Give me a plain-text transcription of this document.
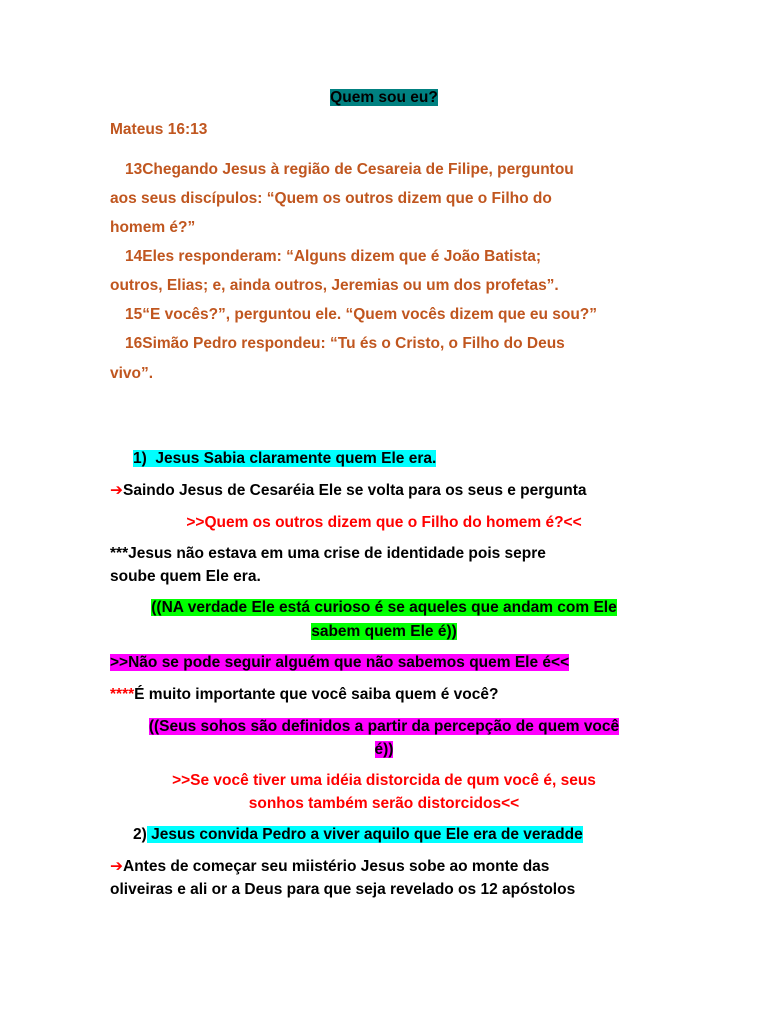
Quem sou eu?
Mateus 16:13
13Chegando Jesus à região de Cesareia de Filipe, perguntou
aos seus discípulos: “Quem os outros dizem que o Filho do
homem é?”
14Eles responderam: “Alguns dizem que é João Batista;
outros, Elias; e, ainda outros, Jeremias ou um dos profetas”.
15“E vocês?”, perguntou ele. “Quem vocês dizem que eu sou?”
16Simão Pedro respondeu: “Tu és o Cristo, o Filho do Deus
vivo”.
1) Jesus Sabia claramente quem Ele era.
➔Saindo Jesus de Cesaréia Ele se volta para os seus e pergunta
>>Quem os outros dizem que o Filho do homem é?<<
***Jesus não estava em uma crise de identidade pois sepre
soube quem Ele era.
((NA verdade Ele está curioso é se aqueles que andam com Ele
sabem quem Ele é))
>>Não se pode seguir alguém que não sabemos quem Ele é<<
****É muito importante que você saiba quem é você?
((Seus sohos são definidos a partir da percepção de quem você
é))
>>Se você tiver uma idéia distorcida de qum você é, seus
sonhos também serão distorcidos<<
2) Jesus convida Pedro a viver aquilo que Ele era de veradde
➔Antes de começar seu miistério Jesus sobe ao monte das
oliveiras e ali or a Deus para que seja revelado os 12 apóstolos
